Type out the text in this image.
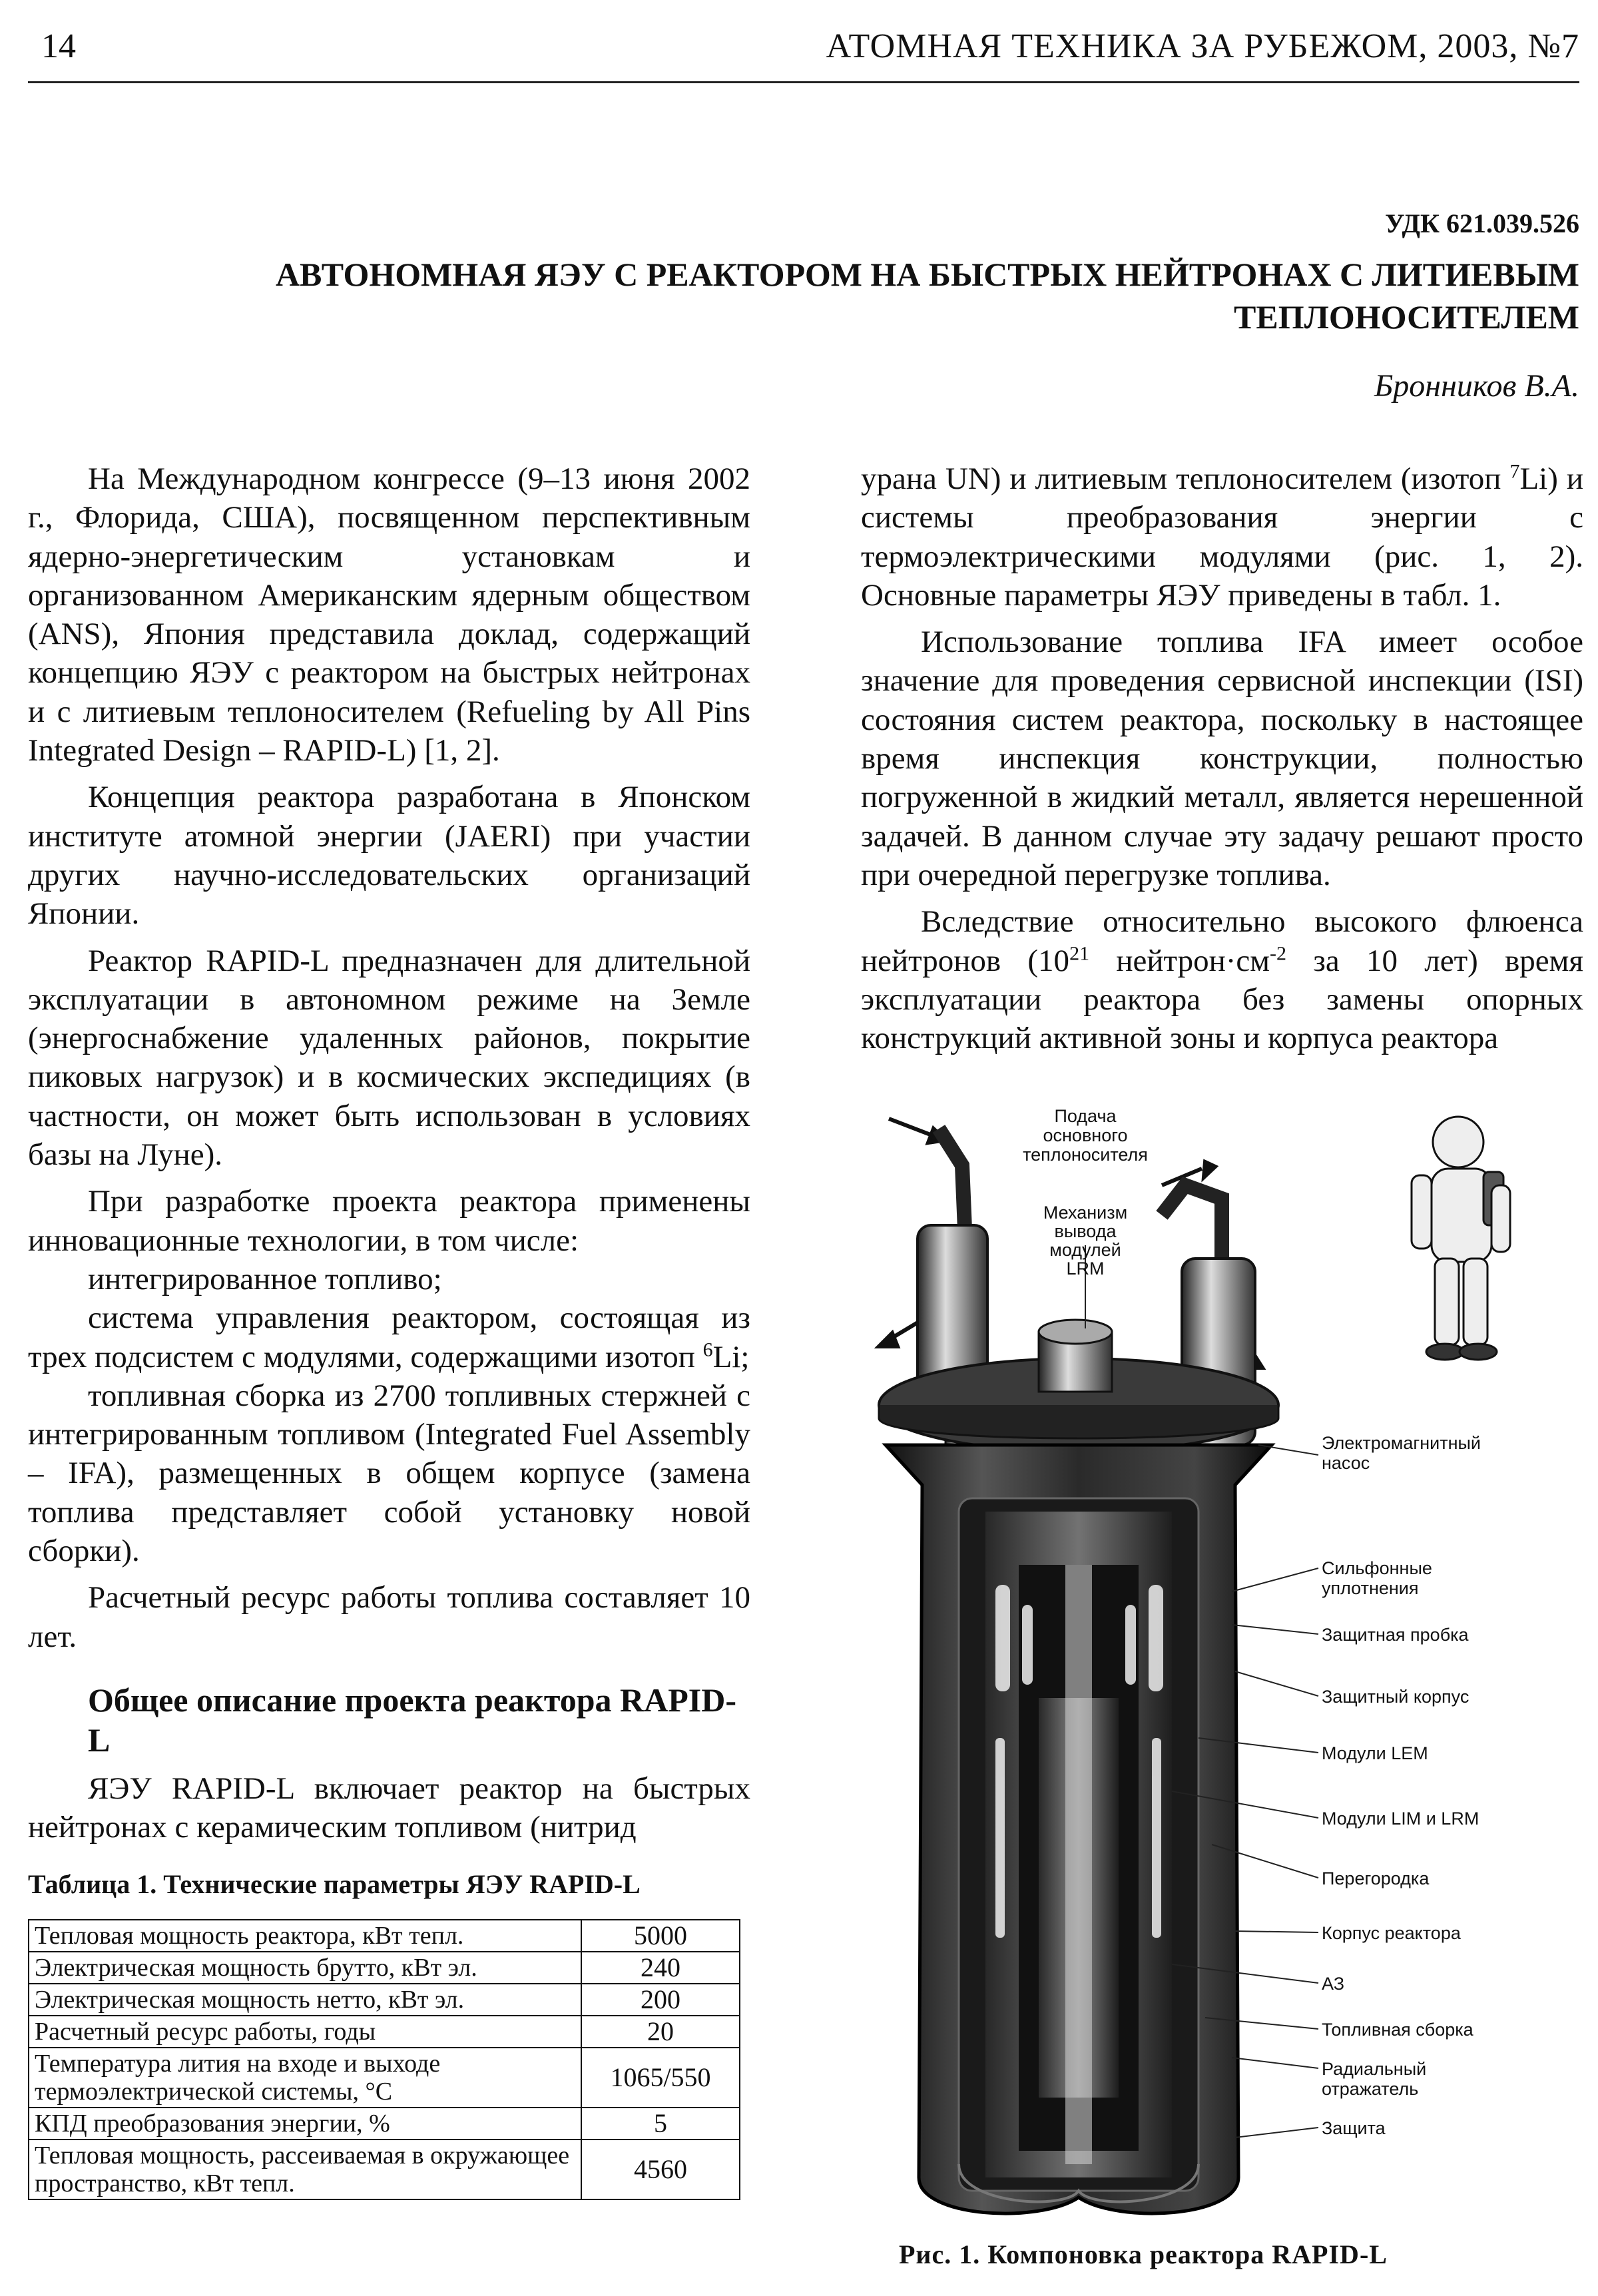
14	АТОМНАЯ ТЕХНИКА ЗА РУБЕЖОМ, 2003, №7
УДК 621.039.526
АВТОНОМНАЯ ЯЭУ С РЕАКТОРОМ НА БЫСТРЫХ НЕЙТРОНАХ С ЛИТИЕВЫМ
ТЕПЛОНОСИТЕЛЕМ
Бронников В.А.

На Международном конгрессе (9–13 июня 2002 г., Флорида, США), посвященном перспективным ядерно-энергетическим установкам и организованном Американским ядерным обществом (ANS), Япония представила доклад, содержащий концепцию ЯЭУ с реактором на быстрых нейтронах и с литиевым теплоносителем (Refueling by All Pins Integrated Design – RAPID-L) [1, 2].

Концепция реактора разработана в Японском институте атомной энергии (JAERI) при участии других научно-исследовательских организаций Японии.

Реактор RAPID-L предназначен для длительной эксплуатации в автономном режиме на Земле (энергоснабжение удаленных районов, покрытие пиковых нагрузок) и в космических экспедициях (в частности, он может быть использован в условиях базы на Луне).

При разработке проекта реактора применены инновационные технологии, в том числе:

интегрированное топливо;

система управления реактором, состоящая из трех подсистем с модулями, содержащими изотоп $^6$Li;

топливная сборка из 2700 топливных стержней с интегрированным топливом (Integrated Fuel Assembly – IFA), размещенных в общем корпусе (замена топлива представляет собой установку новой сборки).

Расчетный ресурс работы топлива составляет 10 лет.

Общее описание проекта реактора RAPID-L

ЯЭУ RAPID-L включает реактор на быстрых нейтронах с керамическим топливом (нитрид

урана UN) и литиевым теплоносителем (изотоп $^7$Li) и системы преобразования энергии с термоэлектрическими модулями (рис. 1, 2). Основные параметры ЯЭУ приведены в табл. 1.

Использование топлива IFA имеет особое значение для проведения сервисной инспекции (ISI) состояния систем реактора, поскольку в настоящее время инспекция конструкции, полностью погруженной в жидкий металл, является нерешенной задачей. В данном случае эту задачу решают просто при очередной перегрузке топлива.

Вследствие относительно высокого флюенса нейтронов ($10^{21}$ $нейтрон\cdot см^{-2}$ за 10 лет) время эксплуатации реактора без замены опорных конструкций активной зоны и корпуса реактора

Таблица 1. Технические параметры ЯЭУ RAPID-L
Тепловая мощность реактора, кВт тепл.	5000
Электрическая мощность брутто, кВт эл.	240
Электрическая мощность нетто, кВт эл.	200
Расчетный ресурс работы, годы	20
Температура лития на входе и выходе термоэлектрической системы, °C	1065/550
КПД преобразования энергии, %	5
Тепловая мощность, рассеиваемая в окружающее пространство, кВт тепл.	4560
Подача
основного
теплоносителя
Механизм
вывода
модулей
LRM
Электромагнитный
насос
Сильфонные
уплотнения
Защитная пробка
Защитный корпус
Модули LEM
Модули LIM и LRM
Перегородка
Корпус реактора
АЗ
Топливная сборка
Радиальный
отражатель
Защита
Рис. 1. Компоновка реактора RAPID-L
